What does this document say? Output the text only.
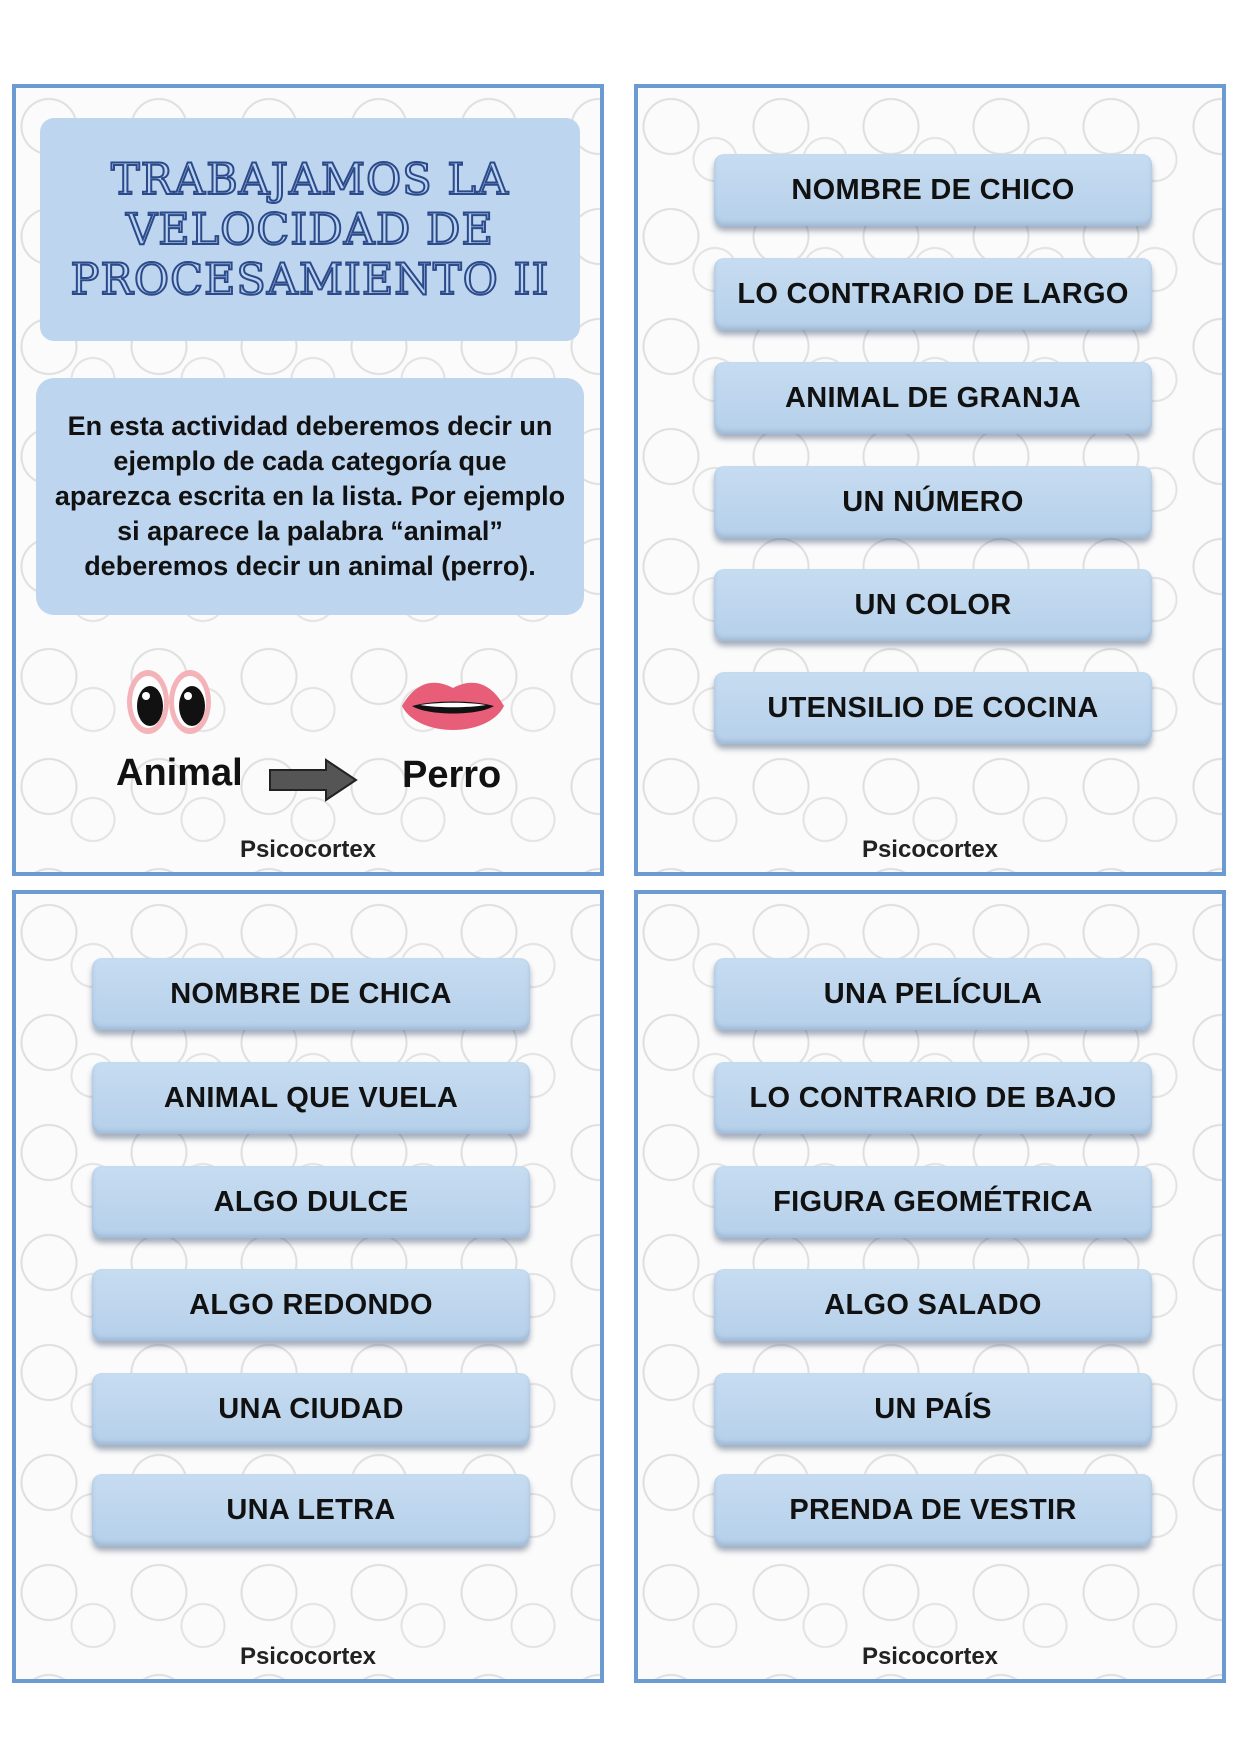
TRABAJAMOS LA VELOCIDAD DE PROCESAMIENTO II
En esta actividad deberemos decir un ejemplo de cada categoría que aparezca escrita en la lista. Por ejemplo si aparece la palabra “animal” deberemos decir un animal (perro).
Animal	Perro
Psicocortex
NOMBRE DE CHICO
LO CONTRARIO DE LARGO
ANIMAL DE GRANJA
UN NÚMERO
UN COLOR
UTENSILIO DE COCINA
Psicocortex
NOMBRE DE CHICA
ANIMAL QUE VUELA
ALGO DULCE
ALGO REDONDO
UNA CIUDAD
UNA LETRA
Psicocortex
UNA PELÍCULA
LO CONTRARIO DE BAJO
FIGURA GEOMÉTRICA
ALGO SALADO
UN PAÍS
PRENDA DE VESTIR
Psicocortex
